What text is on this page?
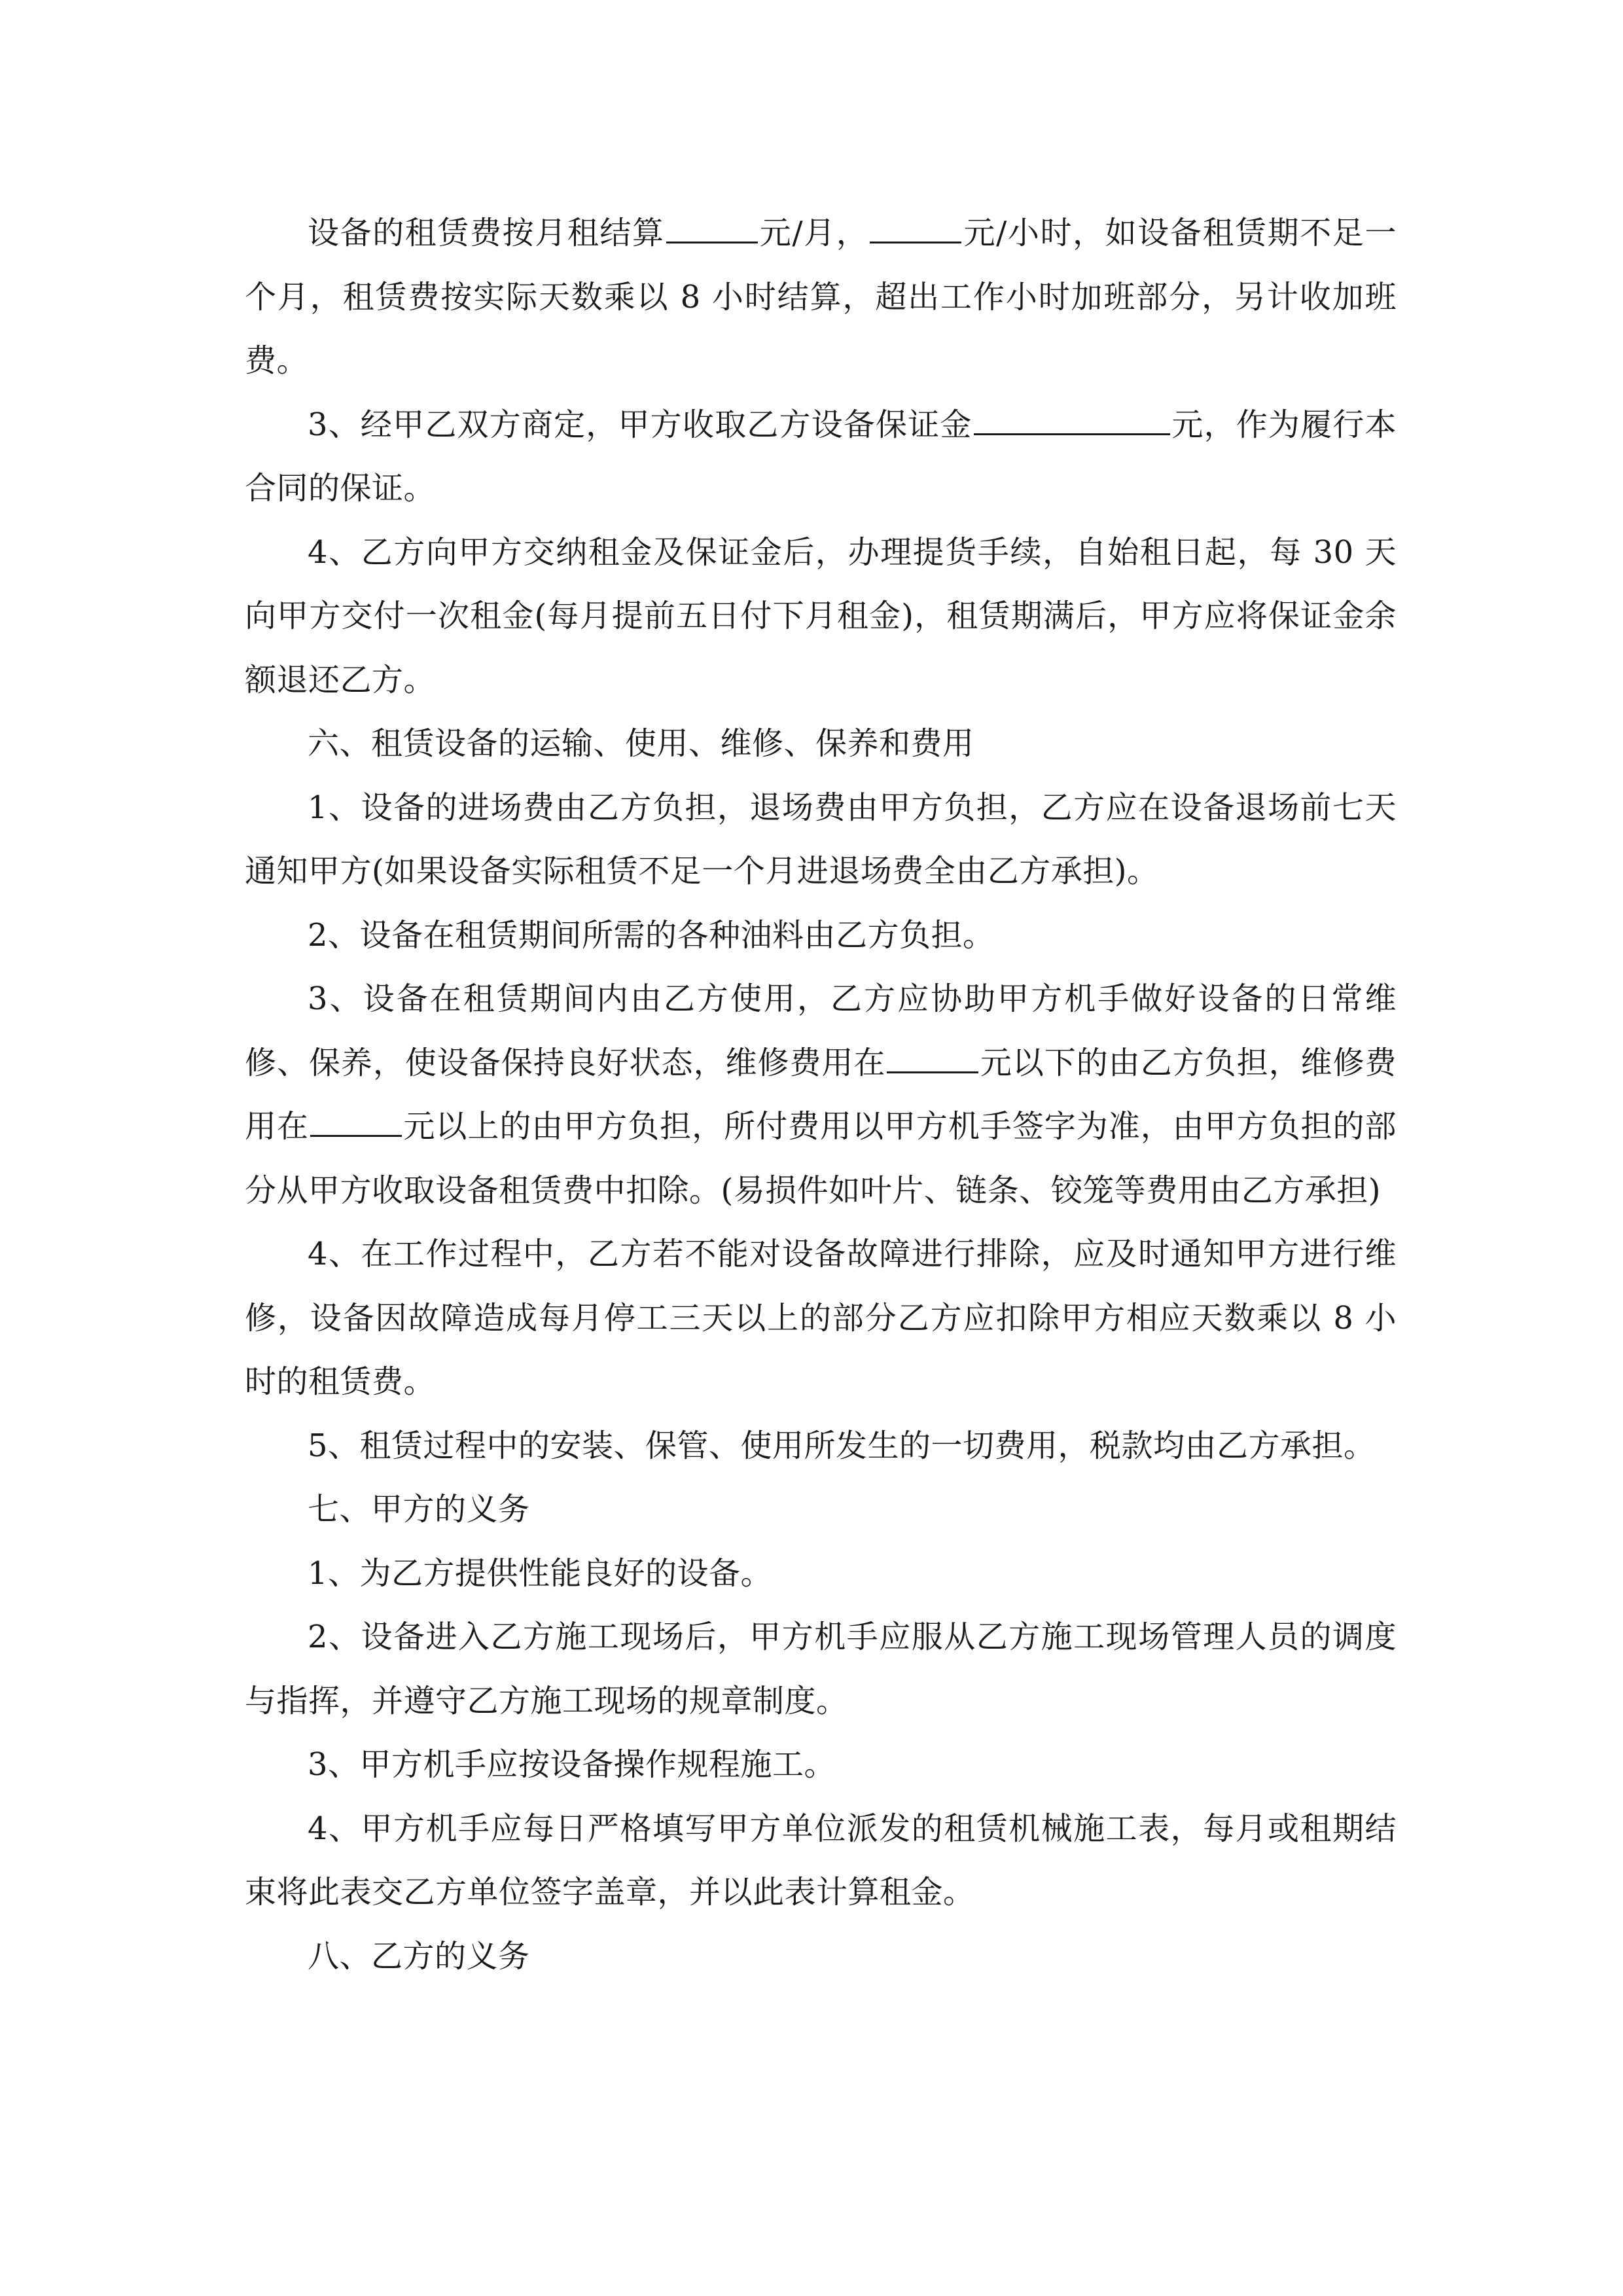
设备的租赁费按月租结算	元/月，	元/小时，如设备租赁期不足一个月，租赁费按实际天数乘以 8 小时结算，超出工作小时加班部分，另计收加班费。

3、经甲乙双方商定，甲方收取乙方设备保证金	元，作为履行本合同的保证。

4、乙方向甲方交纳租金及保证金后，办理提货手续，自始租日起，每 30 天向甲方交付一次租金(每月提前五日付下月租金)，租赁期满后，甲方应将保证金余额退还乙方。

六、租赁设备的运输、使用、维修、保养和费用

1、设备的进场费由乙方负担，退场费由甲方负担，乙方应在设备退场前七天通知甲方(如果设备实际租赁不足一个月进退场费全由乙方承担)。

2、设备在租赁期间所需的各种油料由乙方负担。

3、设备在租赁期间内由乙方使用，乙方应协助甲方机手做好设备的日常维修、保养，使设备保持良好状态，维修费用在	元以下的由乙方负担，维修费用在	元以上的由甲方负担，所付费用以甲方机手签字为准，由甲方负担的部分从甲方收取设备租赁费中扣除。(易损件如叶片、链条、铰笼等费用由乙方承担)

4、在工作过程中，乙方若不能对设备故障进行排除，应及时通知甲方进行维修，设备因故障造成每月停工三天以上的部分乙方应扣除甲方相应天数乘以 8 小时的租赁费。

5、租赁过程中的安装、保管、使用所发生的一切费用，税款均由乙方承担。

七、甲方的义务

1、为乙方提供性能良好的设备。

2、设备进入乙方施工现场后，甲方机手应服从乙方施工现场管理人员的调度与指挥，并遵守乙方施工现场的规章制度。

3、甲方机手应按设备操作规程施工。

4、甲方机手应每日严格填写甲方单位派发的租赁机械施工表，每月或租期结束将此表交乙方单位签字盖章，并以此表计算租金。

八、乙方的义务
